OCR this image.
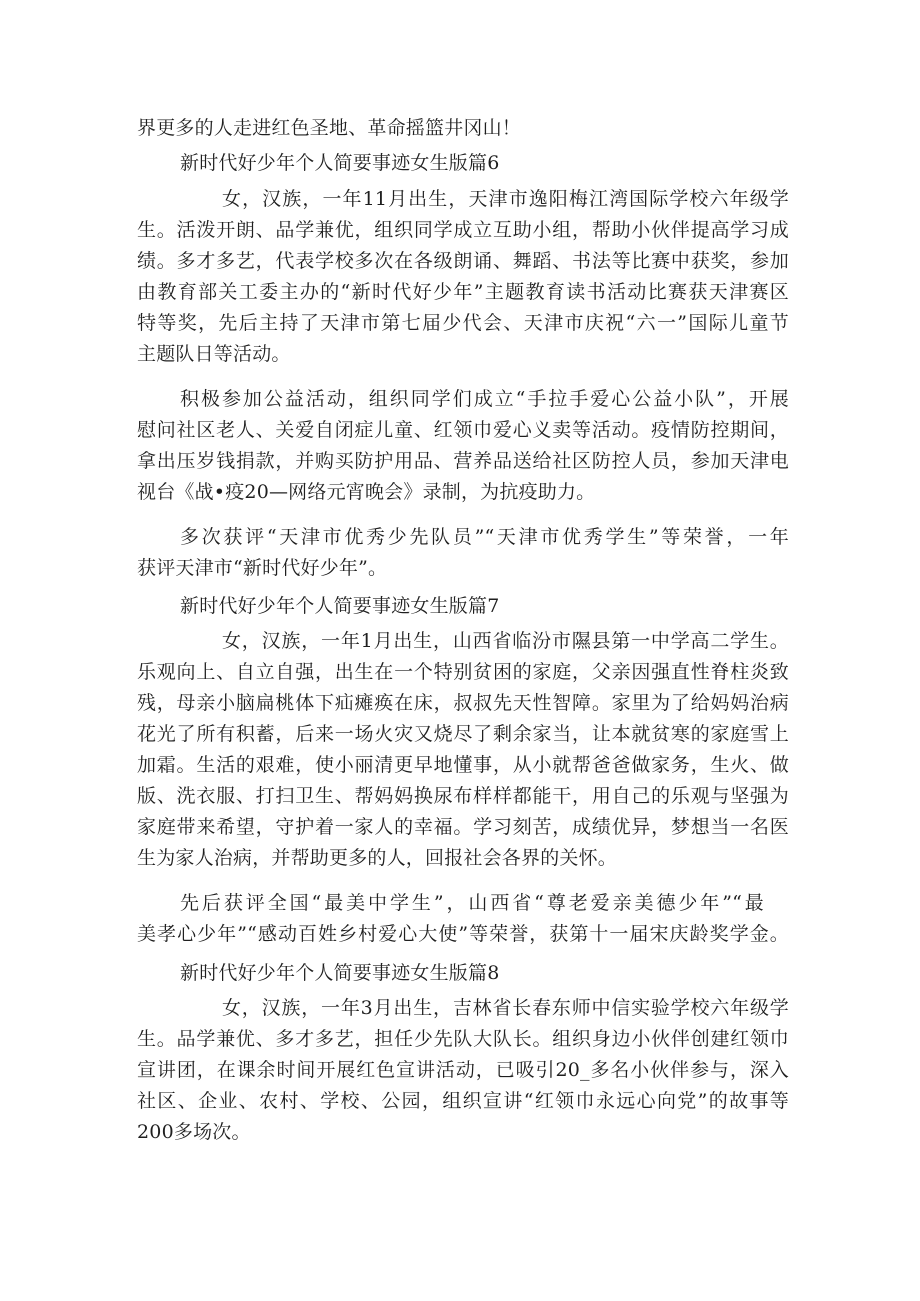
界更多的人走进红色圣地、革命摇篮井冈山！
新时代好少年个人简要事迹女生版篇6
女，汉族，一年11月出生，天津市逸阳梅江湾国际学校六年级学
生。活泼开朗、品学兼优，组织同学成立互助小组，帮助小伙伴提高学习成
绩。多才多艺，代表学校多次在各级朗诵、舞蹈、书法等比赛中获奖，参加
由教育部关工委主办的“新时代好少年”主题教育读书活动比赛获天津赛区
特等奖，先后主持了天津市第七届少代会、天津市庆祝“六一”国际儿童节
主题队日等活动。
积极参加公益活动，组织同学们成立“手拉手爱心公益小队”，开展
慰问社区老人、关爱自闭症儿童、红领巾爱心义卖等活动。疫情防控期间，
拿出压岁钱捐款，并购买防护用品、营养品送给社区防控人员，参加天津电
视台《战•疫20—网络元宵晚会》录制，为抗疫助力。
多次获评“天津市优秀少先队员”“天津市优秀学生”等荣誉，一年
获评天津市“新时代好少年”。
新时代好少年个人简要事迹女生版篇7
女，汉族，一年1月出生，山西省临汾市隰县第一中学高二学生。
乐观向上、自立自强，出生在一个特别贫困的家庭，父亲因强直性脊柱炎致
残，母亲小脑扁桃体下疝瘫痪在床，叔叔先天性智障。家里为了给妈妈治病
花光了所有积蓄，后来一场火灾又烧尽了剩余家当，让本就贫寒的家庭雪上
加霜。生活的艰难，使小丽清更早地懂事，从小就帮爸爸做家务，生火、做
版、洗衣服、打扫卫生、帮妈妈换尿布样样都能干，用自己的乐观与坚强为
家庭带来希望，守护着一家人的幸福。学习刻苦，成绩优异，梦想当一名医
生为家人治病，并帮助更多的人，回报社会各界的关怀。
先后获评全国“最美中学生”，山西省“尊老爱亲美德少年”“最
美孝心少年”“感动百姓乡村爱心大使”等荣誉，获第十一届宋庆龄奖学金。
新时代好少年个人简要事迹女生版篇8
女，汉族，一年3月出生，吉林省长春东师中信实验学校六年级学
生。品学兼优、多才多艺，担任少先队大队长。组织身边小伙伴创建红领巾
宣讲团，在课余时间开展红色宣讲活动，已吸引20_多名小伙伴参与，深入
社区、企业、农村、学校、公园，组织宣讲“红领巾永远心向党”的故事等
200多场次。
